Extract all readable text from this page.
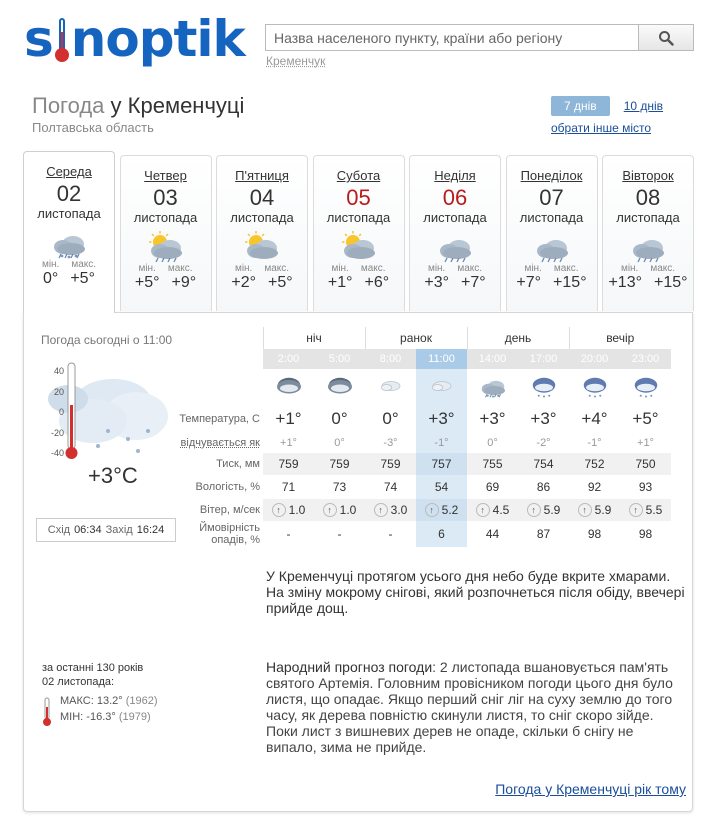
s noptik
Назва населеного пункту, країни або регіону Кременчук
Погода у Кременчуці
Полтавська область
7 днів	10 днів
обрати інше місто
Середа
02
листопада
мін. макс.
0° +5°
Четвер
03
листопада
мін. макс.
+5° +9°
П'ятниця
04
листопада
мін. макс.
+2° +5°
Субота
05
листопада
мін. макс.
+1° +6°
Неділя
06
листопада
мін. макс.
+3° +7°
Понеділок
07
листопада
мін. макс.
+7° +15°
Вівторок
08
листопада
мін. макс.
+13° +15°
Погода сьогодні о 11:00
40
20
0
-20
-40
+3°C
Схід 06:34 Захід 16:24
	ніч		ранок		день		вечір	
	2:00	5:00	8:00	11:00	14:00	17:00	20:00	23:00

Температура, С	+1°	0°	0°	+3°	+3°	+3°	+4°	+5°
відчувається як	+1°	0°	-3°	-1°	0°	-2°	-1°	+1°
Тиск, мм	759	759	759	757	755	754	752	750
Вологість, %	71	73	74	54	69	86	92	93
Вітер, м/сек	↑ 1.0	↑ 1.0	↑ 3.0	↑ 5.2	↑ 4.5	↑ 5.9	↑ 5.9	↑ 5.5
Ймовірність опадів, %	-	-	-	6	44	87	98	98
У Кременчуці протягом усього дня небо буде вкрите хмарами. На зміну мокрому снігові, який розпочнеться після обіду, ввечері прийде дощ.
Народний прогноз погоди: 2 листопада вшановується пам'ять святого Артемія. Головним провісником погоди цього дня було листя, що опадає. Якщо перший сніг ліг на суху землю до того часу, як дерева повністю скинули листя, то сніг скоро зійде. Поки лист з вишневих дерев не опаде, скільки б снігу не випало, зима не прийде.
за останні 130 років
02 листопада:
МАКС: 13.2° (1962)
МІН: -16.3° (1979)
Погода у Кременчуці рік тому
